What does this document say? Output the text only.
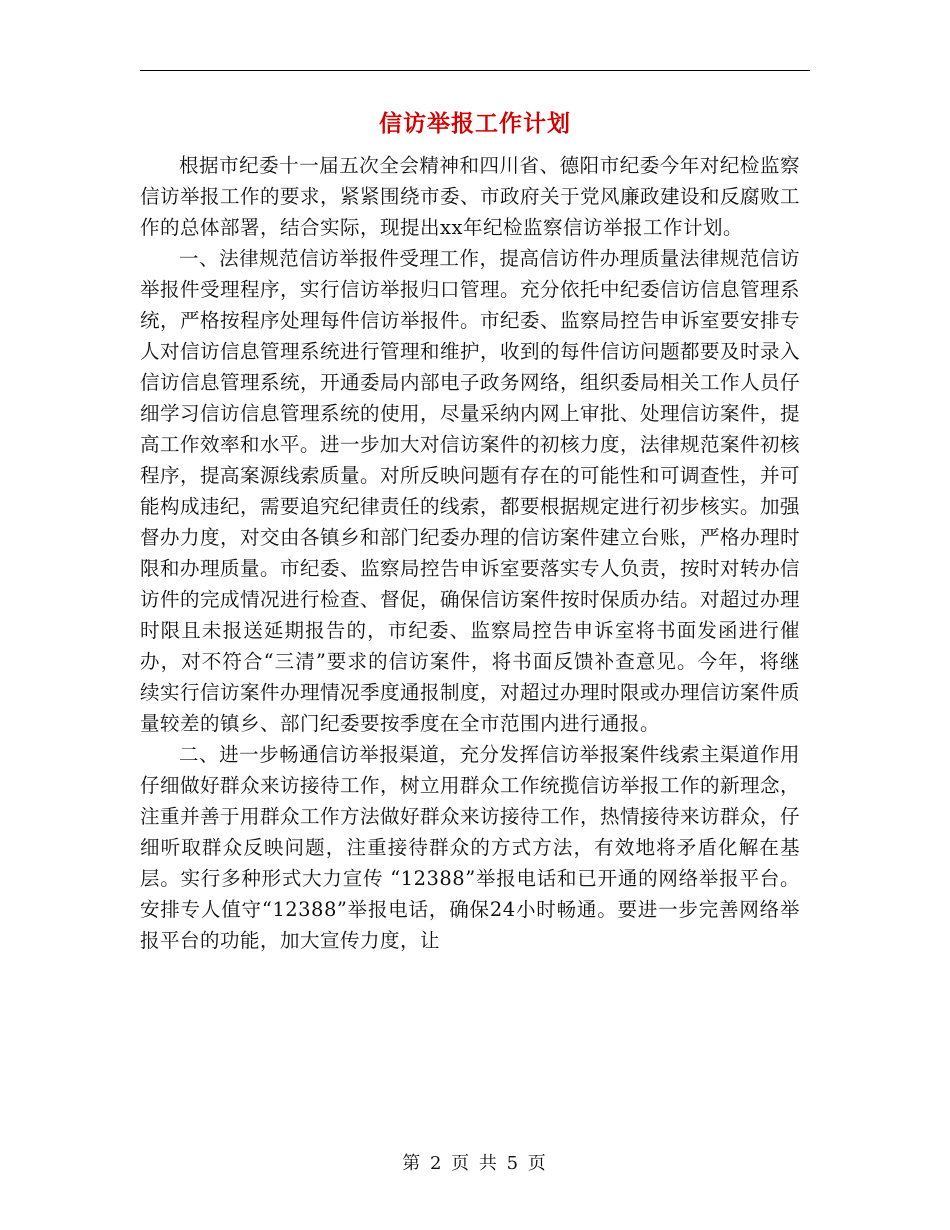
信访举报工作计划

根据市纪委十一届五次全会精神和四川省、德阳市纪委今年对纪检监察信访举报工作的要求，紧紧围绕市委、市政府关于党风廉政建设和反腐败工作的总体部署，结合实际，现提出xx年纪检监察信访举报工作计划。

一、法律规范信访举报件受理工作，提高信访件办理质量法律规范信访举报件受理程序，实行信访举报归口管理。充分依托中纪委信访信息管理系统，严格按程序处理每件信访举报件。市纪委、监察局控告申诉室要安排专人对信访信息管理系统进行管理和维护，收到的每件信访问题都要及时录入信访信息管理系统，开通委局内部电子政务网络，组织委局相关工作人员仔细学习信访信息管理系统的使用，尽量采纳内网上审批、处理信访案件，提高工作效率和水平。进一步加大对信访案件的初核力度，法律规范案件初核程序，提高案源线索质量。对所反映问题有存在的可能性和可调查性，并可能构成违纪，需要追究纪律责任的线索，都要根据规定进行初步核实。加强督办力度，对交由各镇乡和部门纪委办理的信访案件建立台账，严格办理时限和办理质量。市纪委、监察局控告申诉室要落实专人负责，按时对转办信访件的完成情况进行检查、督促，确保信访案件按时保质办结。对超过办理时限且未报送延期报告的，市纪委、监察局控告申诉室将书面发函进行催办，对不符合“三清”要求的信访案件，将书面反馈补查意见。今年，将继续实行信访案件办理情况季度通报制度，对超过办理时限或办理信访案件质量较差的镇乡、部门纪委要按季度在全市范围内进行通报。

二、进一步畅通信访举报渠道，充分发挥信访举报案件线索主渠道作用仔细做好群众来访接待工作，树立用群众工作统揽信访举报工作的新理念，注重并善于用群众工作方法做好群众来访接待工作，热情接待来访群众，仔细听取群众反映问题，注重接待群众的方式方法，有效地将矛盾化解在基层。实行多种形式大力宣传 “12388”举报电话和已开通的网络举报平台。安排专人值守“12388”举报电话，确保24小时畅通。要进一步完善网络举报平台的功能，加大宣传力度，让

第 2 页 共 5 页
